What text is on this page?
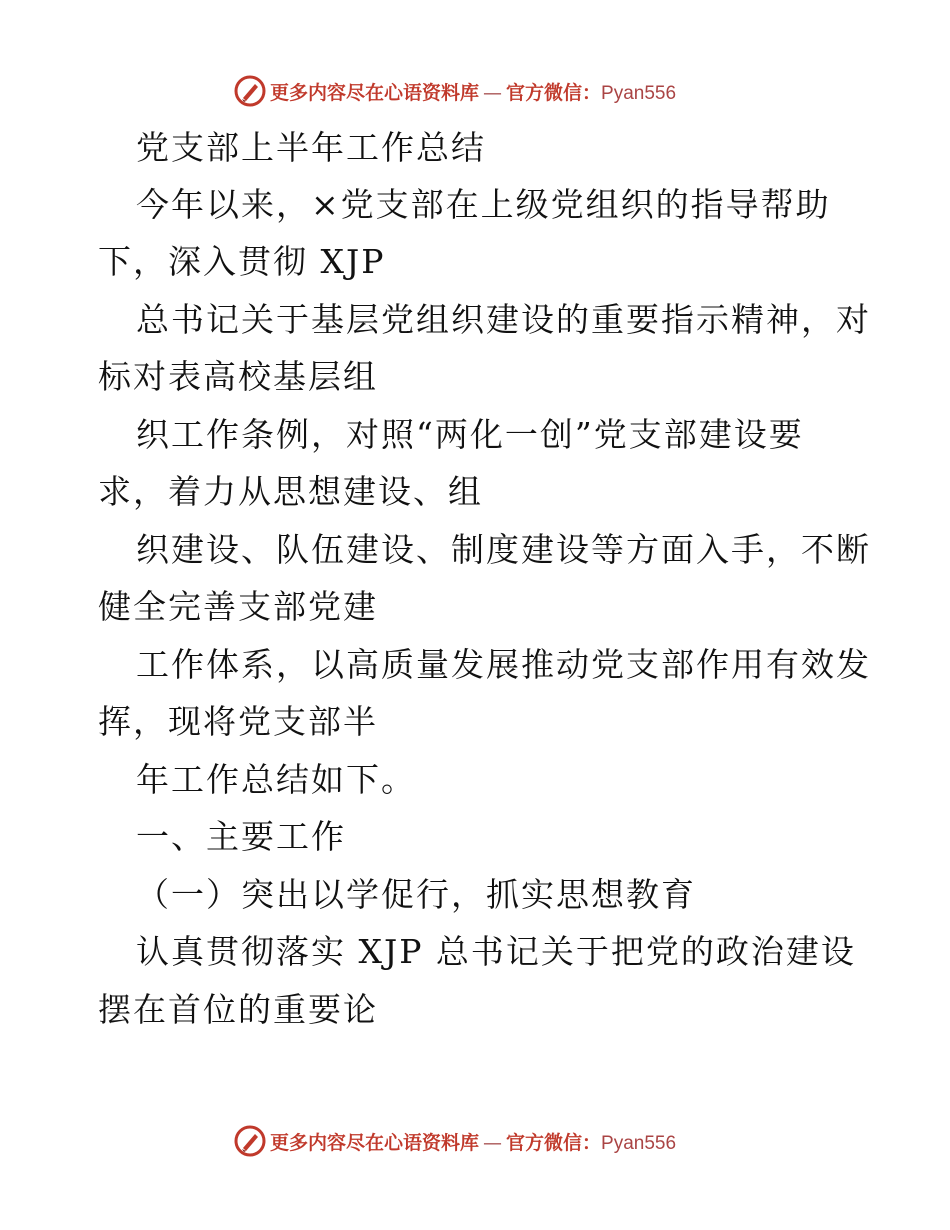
更多内容尽在心语资料库 — 官方微信：Pyan556
党支部上半年工作总结
今年以来，×党支部在上级党组织的指导帮助
下，深入贯彻 XJP
总书记关于基层党组织建设的重要指示精神，对
标对表高校基层组
织工作条例，对照“两化一创”党支部建设要
求，着力从思想建设、组
织建设、队伍建设、制度建设等方面入手，不断
健全完善支部党建
工作体系，以高质量发展推动党支部作用有效发
挥，现将党支部半
年工作总结如下。
一、主要工作
（一）突出以学促行，抓实思想教育
认真贯彻落实 XJP 总书记关于把党的政治建设
摆在首位的重要论
更多内容尽在心语资料库 — 官方微信：Pyan556
